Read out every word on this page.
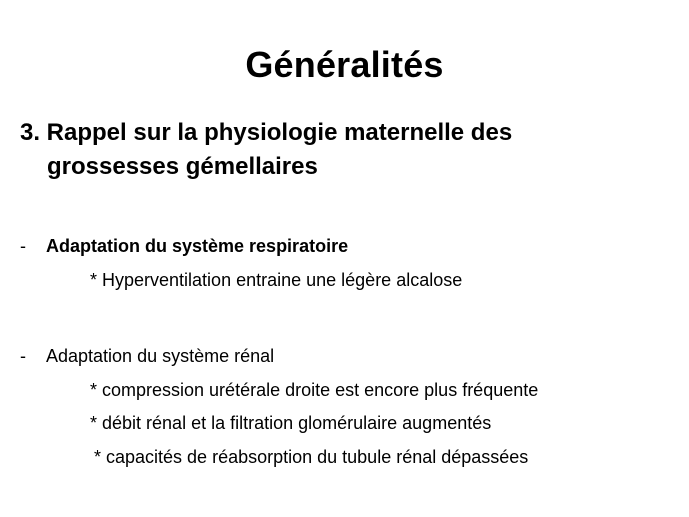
Généralités
3. Rappel sur la physiologie maternelle des
grossesses gémellaires
- Adaptation du système respiratoire
* Hyperventilation entraine une légère alcalose
- Adaptation du système rénal
* compression urétérale droite est encore plus fréquente
* débit rénal et la filtration glomérulaire augmentés
* capacités de réabsorption du tubule rénal dépassées
